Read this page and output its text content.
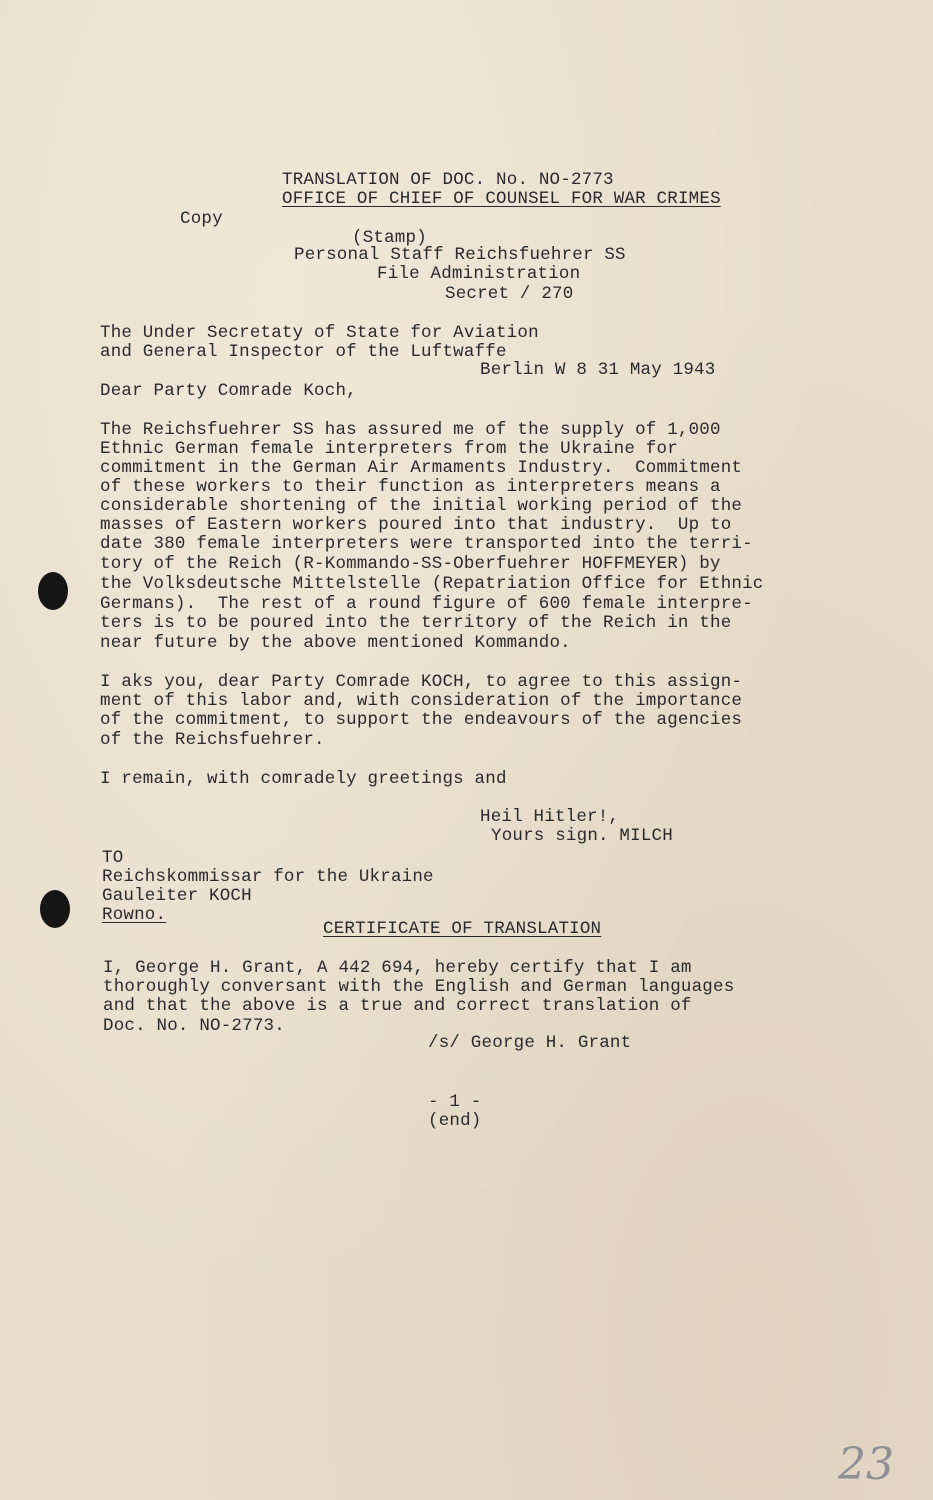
TRANSLATION OF DOC. No. NO-2773
OFFICE OF CHIEF OF COUNSEL FOR WAR CRIMES
Copy
(Stamp)
Personal Staff Reichsfuehrer SS
File Administration
Secret / 270
The Under Secretaty of State for Aviation
and General Inspector of the Luftwaffe
Berlin W 8 31 May 1943
Dear Party Comrade Koch,
The Reichsfuehrer SS has assured me of the supply of 1,000
Ethnic German female interpreters from the Ukraine for
commitment in the German Air Armaments Industry.  Commitment
of these workers to their function as interpreters means a
considerable shortening of the initial working period of the
masses of Eastern workers poured into that industry.  Up to
date 380 female interpreters were transported into the terri-
tory of the Reich (R-Kommando-SS-Oberfuehrer HOFFMEYER) by
the Volksdeutsche Mittelstelle (Repatriation Office for Ethnic
Germans).  The rest of a round figure of 600 female interpre-
ters is to be poured into the territory of the Reich in the
near future by the above mentioned Kommando.
I aks you, dear Party Comrade KOCH, to agree to this assign-
ment of this labor and, with consideration of the importance
of the commitment, to support the endeavours of the agencies
of the Reichsfuehrer.
I remain, with comradely greetings and
Heil Hitler!,
Yours sign. MILCH
TO
Reichskommissar for the Ukraine
Gauleiter KOCH
Rowno.
CERTIFICATE OF TRANSLATION
I, George H. Grant, A 442 694, hereby certify that I am
thoroughly conversant with the English and German languages
and that the above is a true and correct translation of
Doc. No. NO-2773.
/s/ George H. Grant
- 1 -
(end)
23
